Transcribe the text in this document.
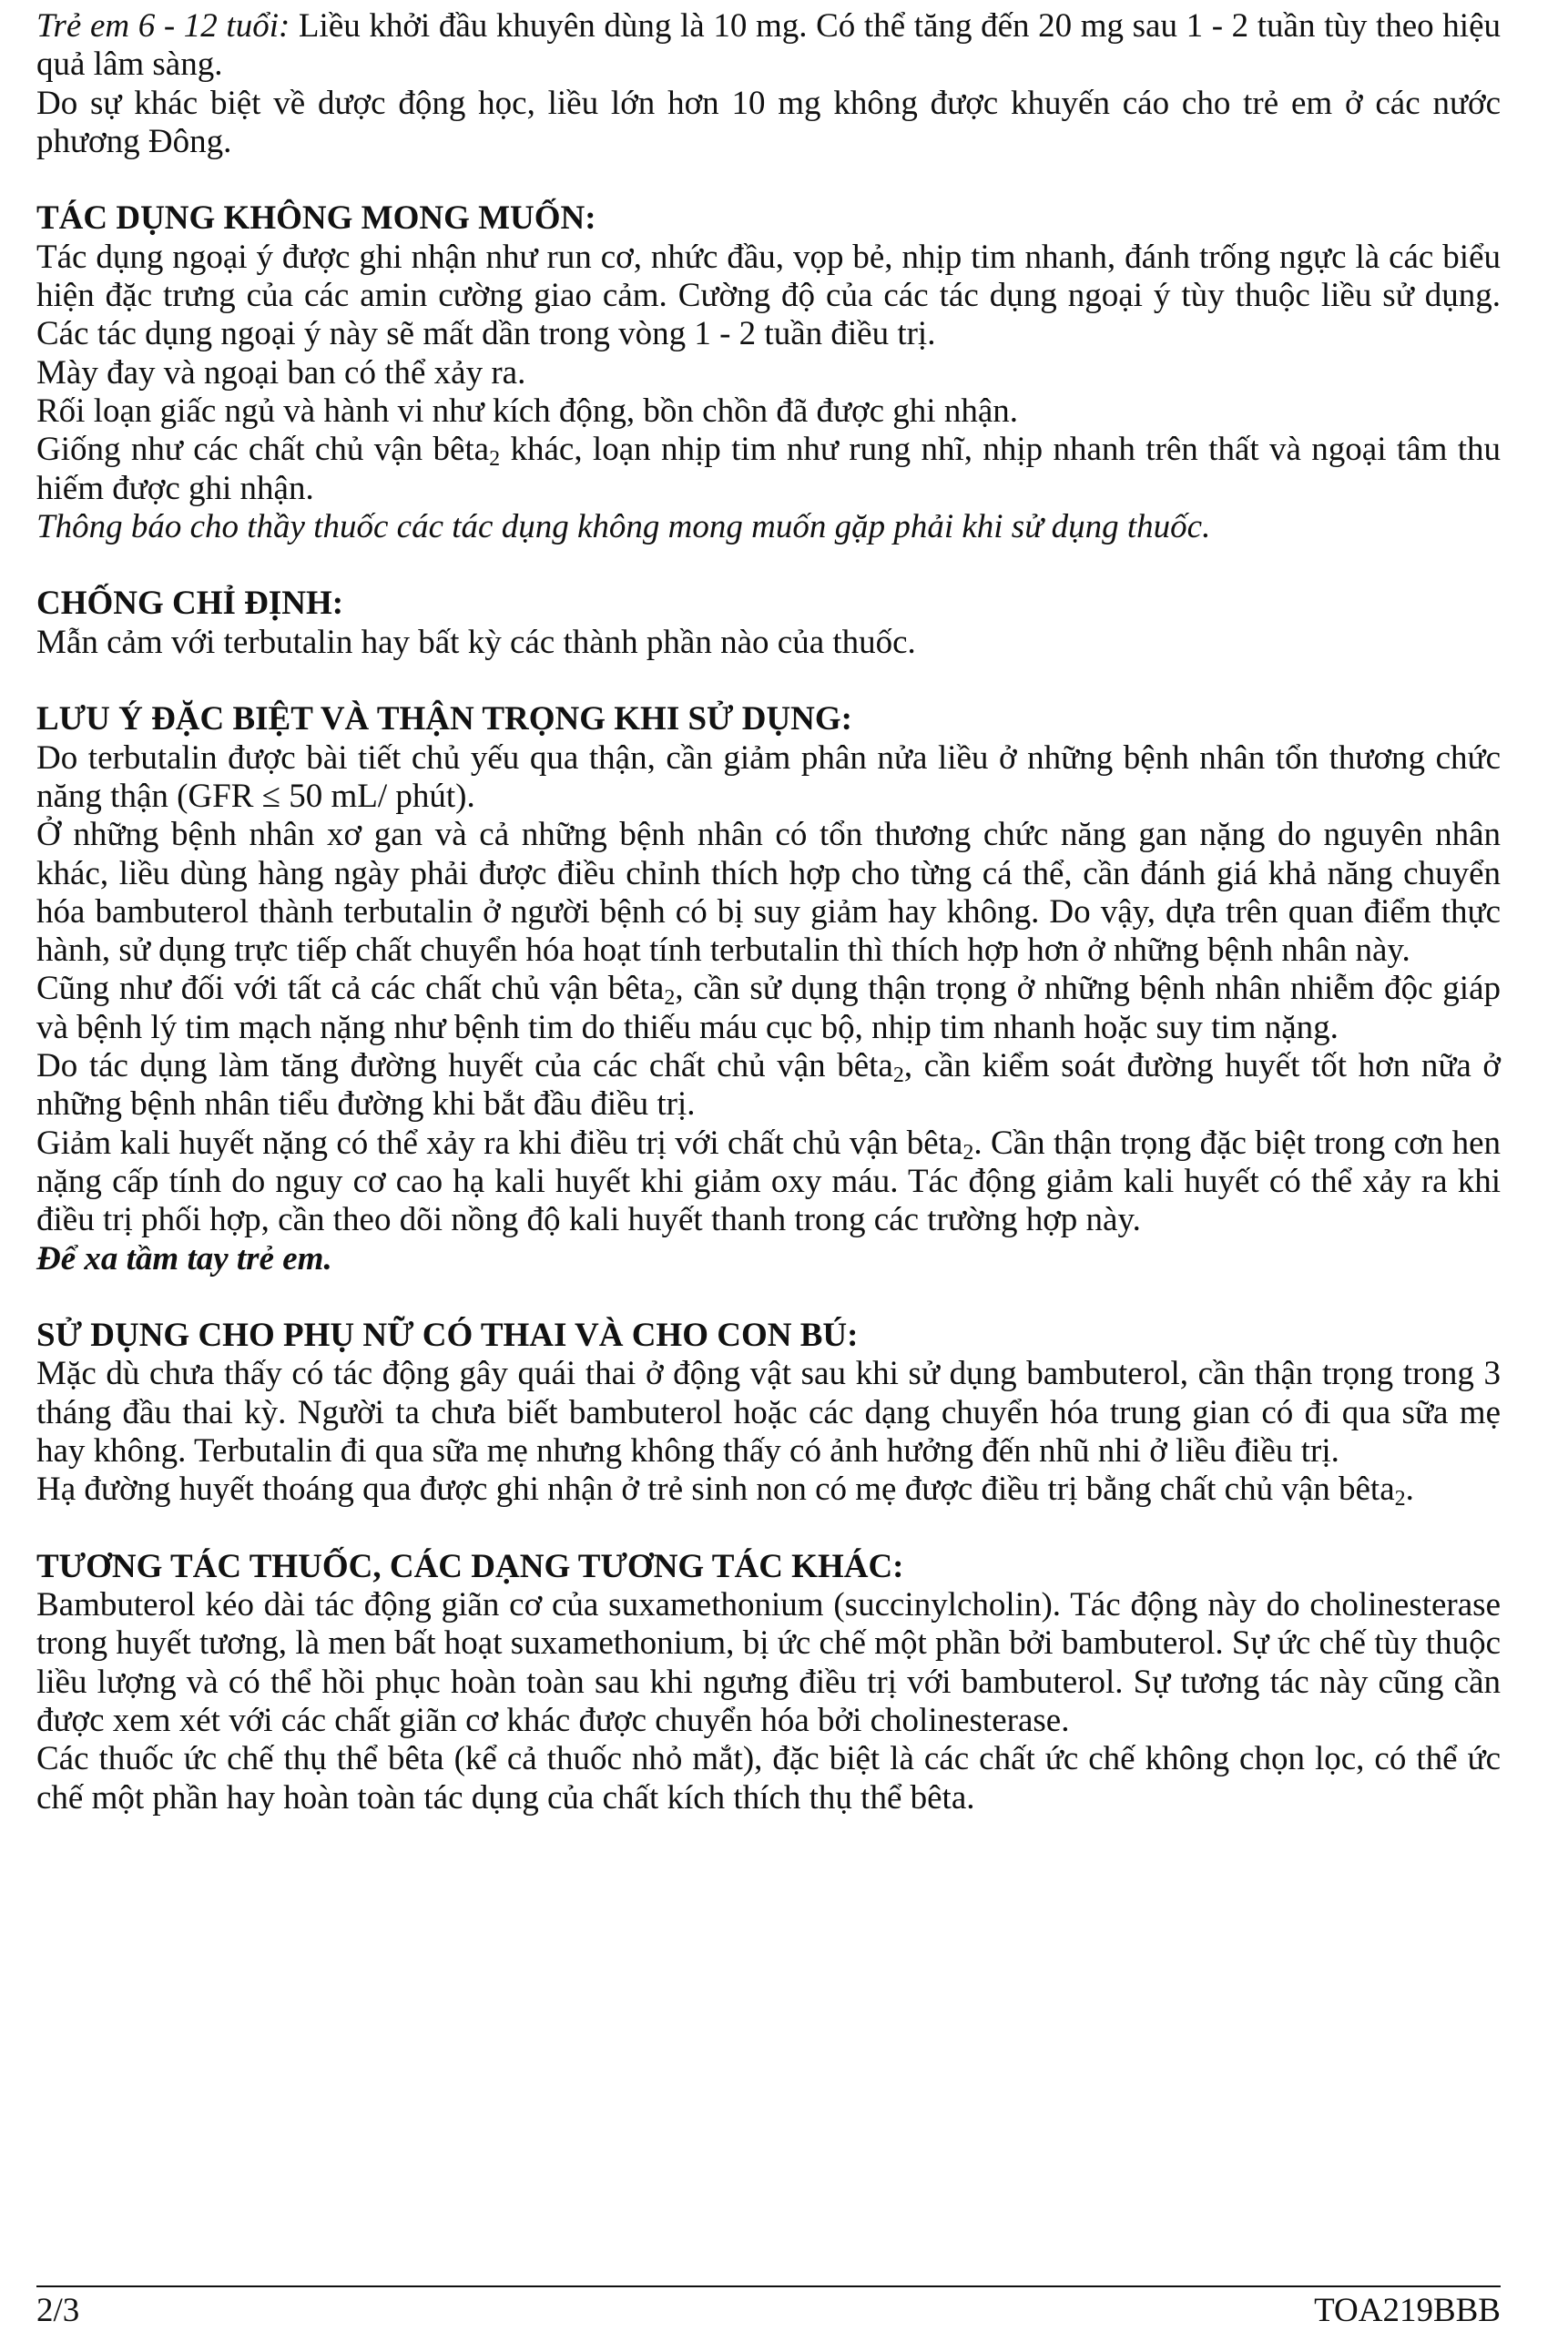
Trẻ em 6 - 12 tuổi: Liều khởi đầu khuyên dùng là 10 mg. Có thể tăng đến 20 mg sau 1 - 2 tuần tùy theo hiệu quả lâm sàng.

Do sự khác biệt về dược động học, liều lớn hơn 10 mg không được khuyến cáo cho trẻ em ở các nước phương Đông.

TÁC DỤNG KHÔNG MONG MUỐN:

Tác dụng ngoại ý được ghi nhận như run cơ, nhức đầu, vọp bẻ, nhịp tim nhanh, đánh trống ngực là các biểu hiện đặc trưng của các amin cường giao cảm. Cường độ của các tác dụng ngoại ý tùy thuộc liều sử dụng. Các tác dụng ngoại ý này sẽ mất dần trong vòng 1 - 2 tuần điều trị.

Mày đay và ngoại ban có thể xảy ra.

Rối loạn giấc ngủ và hành vi như kích động, bồn chồn đã được ghi nhận.

Giống như các chất chủ vận bêta$_2$ khác, loạn nhịp tim như rung nhĩ, nhịp nhanh trên thất và ngoại tâm thu hiếm được ghi nhận.

Thông báo cho thầy thuốc các tác dụng không mong muốn gặp phải khi sử dụng thuốc.

CHỐNG CHỈ ĐỊNH:

Mẫn cảm với terbutalin hay bất kỳ các thành phần nào của thuốc.

LƯU Ý ĐẶC BIỆT VÀ THẬN TRỌNG KHI SỬ DỤNG:

Do terbutalin được bài tiết chủ yếu qua thận, cần giảm phân nửa liều ở những bệnh nhân tổn thương chức năng thận (GFR ≤ 50 mL/ phút).

Ở những bệnh nhân xơ gan và cả những bệnh nhân có tổn thương chức năng gan nặng do nguyên nhân khác, liều dùng hàng ngày phải được điều chỉnh thích hợp cho từng cá thể, cần đánh giá khả năng chuyển hóa bambuterol thành terbutalin ở người bệnh có bị suy giảm hay không. Do vậy, dựa trên quan điểm thực hành, sử dụng trực tiếp chất chuyển hóa hoạt tính terbutalin thì thích hợp hơn ở những bệnh nhân này.

Cũng như đối với tất cả các chất chủ vận bêta$_2$, cần sử dụng thận trọng ở những bệnh nhân nhiễm độc giáp và bệnh lý tim mạch nặng như bệnh tim do thiếu máu cục bộ, nhịp tim nhanh hoặc suy tim nặng.

Do tác dụng làm tăng đường huyết của các chất chủ vận bêta$_2$, cần kiểm soát đường huyết tốt hơn nữa ở những bệnh nhân tiểu đường khi bắt đầu điều trị.

Giảm kali huyết nặng có thể xảy ra khi điều trị với chất chủ vận bêta$_2$. Cần thận trọng đặc biệt trong cơn hen nặng cấp tính do nguy cơ cao hạ kali huyết khi giảm oxy máu. Tác động giảm kali huyết có thể xảy ra khi điều trị phối hợp, cần theo dõi nồng độ kali huyết thanh trong các trường hợp này.

Để xa tầm tay trẻ em.

SỬ DỤNG CHO PHỤ NỮ CÓ THAI VÀ CHO CON BÚ:

Mặc dù chưa thấy có tác động gây quái thai ở động vật sau khi sử dụng bambuterol, cần thận trọng trong 3 tháng đầu thai kỳ. Người ta chưa biết bambuterol hoặc các dạng chuyển hóa trung gian có đi qua sữa mẹ hay không. Terbutalin đi qua sữa mẹ nhưng không thấy có ảnh hưởng đến nhũ nhi ở liều điều trị.

Hạ đường huyết thoáng qua được ghi nhận ở trẻ sinh non có mẹ được điều trị bằng chất chủ vận bêta$_2$.

TƯƠNG TÁC THUỐC, CÁC DẠNG TƯƠNG TÁC KHÁC:

Bambuterol kéo dài tác động giãn cơ của suxamethonium (succinylcholin). Tác động này do cholinesterase trong huyết tương, là men bất hoạt suxamethonium, bị ức chế một phần bởi bambuterol. Sự ức chế tùy thuộc liều lượng và có thể hồi phục hoàn toàn sau khi ngưng điều trị với bambuterol. Sự tương tác này cũng cần được xem xét với các chất giãn cơ khác được chuyển hóa bởi cholinesterase.

Các thuốc ức chế thụ thể bêta (kể cả thuốc nhỏ mắt), đặc biệt là các chất ức chế không chọn lọc, có thể ức chế một phần hay hoàn toàn tác dụng của chất kích thích thụ thể bêta.

2/3	TOA219BBB
